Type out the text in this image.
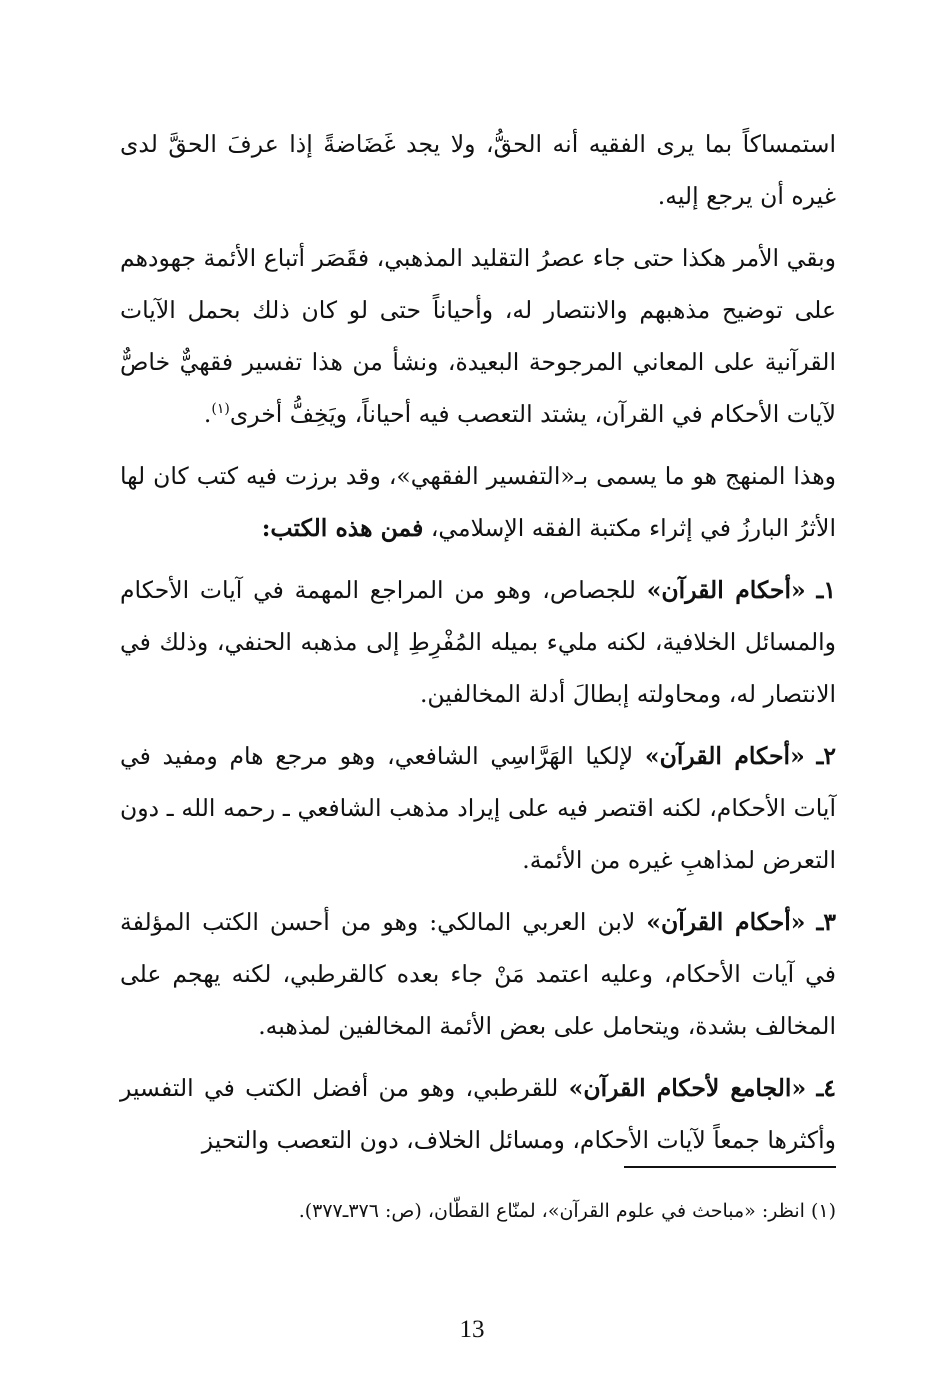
استمساكاً بما يرى الفقيه أنه الحقُّ، ولا يجد غَضَاضةً إذا عرفَ الحقَّ لدى غيره أن يرجع إليه.

وبقي الأمر هكذا حتى جاء عصرُ التقليد المذهبي، فقَصَر أتباع الأئمة جهودهم على توضيح مذهبهم والانتصار له، وأحياناً حتى لو كان ذلك بحمل الآيات القرآنية على المعاني المرجوحة البعيدة، ونشأ من هذا تفسير فقهيٌّ خاصٌّ لآيات الأحكام في القرآن، يشتد التعصب فيه أحياناً، ويَخِفُّ أخرى$^{(١)}$.

وهذا المنهج هو ما يسمى بـ«التفسير الفقهي»، وقد برزت فيه كتب كان لها الأثرُ البارزُ في إثراء مكتبة الفقه الإسلامي، فمن هذه الكتب:

١ـ «أحكام القرآن» للجصاص، وهو من المراجع المهمة في آيات الأحكام والمسائل الخلافية، لكنه مليء بميله المُفْرِطِ إلى مذهبه الحنفي، وذلك في الانتصار له، ومحاولته إبطالَ أدلة المخالفين.

٢ـ «أحكام القرآن» لإلكيا الهَرَّاسِي الشافعي، وهو مرجع هام ومفيد في آيات الأحكام، لكنه اقتصر فيه على إيراد مذهب الشافعي ـ رحمه الله ـ دون التعرض لمذاهبِ غيره من الأئمة.

٣ـ «أحكام القرآن» لابن العربي المالكي: وهو من أحسن الكتب المؤلفة في آيات الأحكام، وعليه اعتمد مَنْ جاء بعده كالقرطبي، لكنه يهجم على المخالف بشدة، ويتحامل على بعض الأئمة المخالفين لمذهبه.

٤ـ «الجامع لأحكام القرآن» للقرطبي، وهو من أفضل الكتب في التفسير وأكثرها جمعاً لآيات الأحكام، ومسائل الخلاف، دون التعصب والتحيز

(١) انظر: «مباحث في علوم القرآن»، لمنّاع القطّان، (ص: ٣٧٦ـ٣٧٧).
13
